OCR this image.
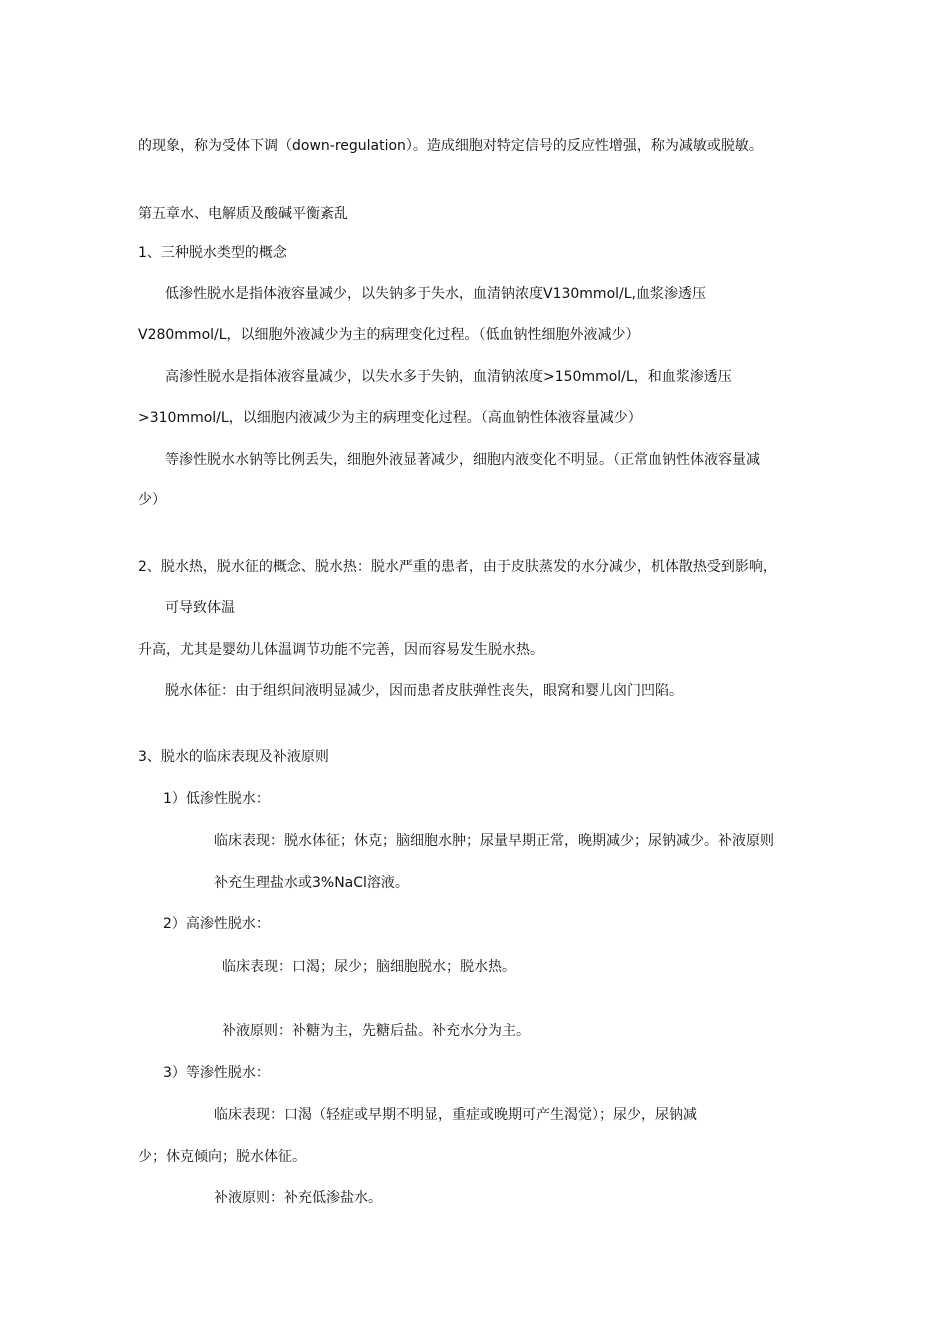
的现象，称为受体下调（down-regulation）。造成细胞对特定信号的反应性增强，称为减敏或脱敏。
第五章水、电解质及酸碱平衡紊乱
1、三种脱水类型的概念
低渗性脱水是指体液容量减少，以失钠多于失水，血清钠浓度V130mmol/L,血浆渗透压
V280mmol/L，以细胞外液减少为主的病理变化过程。（低血钠性细胞外液减少）
高渗性脱水是指体液容量减少，以失水多于失钠，血清钠浓度>150mmol/L，和血浆渗透压
>310mmol/L，以细胞内液减少为主的病理变化过程。（高血钠性体液容量减少）
等渗性脱水水钠等比例丢失，细胞外液显著减少，细胞内液变化不明显。（正常血钠性体液容量减
少）
2、脱水热，脱水征的概念、脱水热：脱水严重的患者，由于皮肤蒸发的水分减少，机体散热受到影响，
可导致体温
升高，尤其是婴幼儿体温调节功能不完善，因而容易发生脱水热。
脱水体征：由于组织间液明显减少，因而患者皮肤弹性丧失，眼窝和婴儿囟门凹陷。
3、脱水的临床表现及补液原则
1）低渗性脱水：
临床表现：脱水体征；休克；脑细胞水肿；尿量早期正常，晚期减少；尿钠减少。补液原则
补充生理盐水或3%NaCl溶液。
2）高渗性脱水：
临床表现：口渴；尿少；脑细胞脱水；脱水热。
补液原则：补糖为主，先糖后盐。补充水分为主。
3）等渗性脱水：
临床表现：口渴（轻症或早期不明显，重症或晚期可产生渴觉）；尿少，尿钠减
少；休克倾向；脱水体征。
补液原则：补充低渗盐水。
